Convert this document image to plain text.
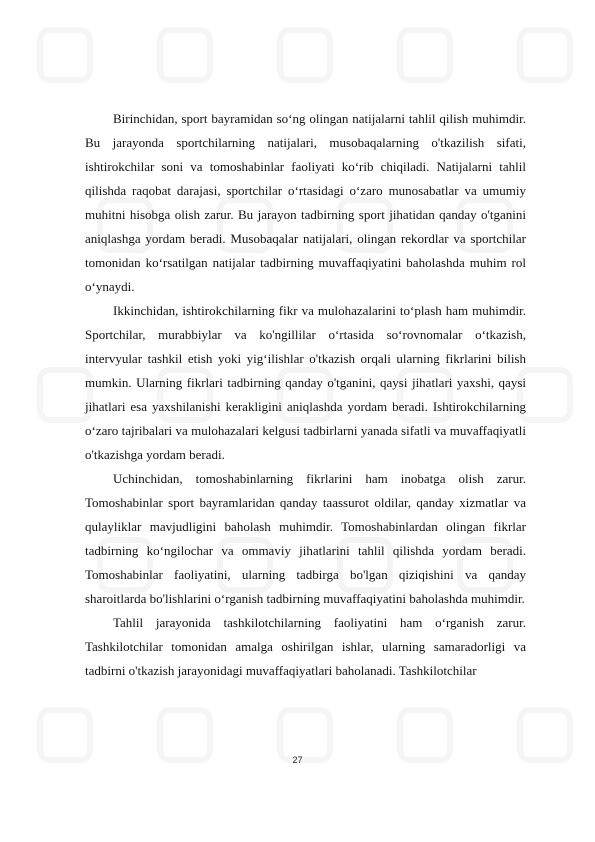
Birinchidan, sport bayramidan so‘ng olingan natijalarni tahlil qilish muhimdir. Bu jarayonda sportchilarning natijalari, musobaqalarning o'tkazilish sifati, ishtirokchilar soni va tomoshabinlar faoliyati ko‘rib chiqiladi. Natijalarni tahlil qilishda raqobat darajasi, sportchilar o‘rtasidagi o‘zaro munosabatlar va umumiy muhitni hisobga olish zarur. Bu jarayon tadbirning sport jihatidan qanday o'tganini aniqlashga yordam beradi. Musobaqalar natijalari, olingan rekordlar va sportchilar tomonidan ko‘rsatilgan natijalar tadbirning muvaffaqiyatini baholashda muhim rol o‘ynaydi.

Ikkinchidan, ishtirokchilarning fikr va mulohazalarini to‘plash ham muhimdir. Sportchilar, murabbiylar va ko'ngillilar o‘rtasida so‘rovnomalar o‘tkazish, intervyular tashkil etish yoki yig‘ilishlar o'tkazish orqali ularning fikrlarini bilish mumkin. Ularning fikrlari tadbirning qanday o'tganini, qaysi jihatlari yaxshi, qaysi jihatlari esa yaxshilanishi kerakligini aniqlashda yordam beradi. Ishtirokchilarning o‘zaro tajribalari va mulohazalari kelgusi tadbirlarni yanada sifatli va muvaffaqiyatli o'tkazishga yordam beradi.

Uchinchidan, tomoshabinlarning fikrlarini ham inobatga olish zarur. Tomoshabinlar sport bayramlaridan qanday taassurot oldilar, qanday xizmatlar va qulayliklar mavjudligini baholash muhimdir. Tomoshabinlardan olingan fikrlar tadbirning ko‘ngilochar va ommaviy jihatlarini tahlil qilishda yordam beradi. Tomoshabinlar faoliyatini, ularning tadbirga bo'lgan qiziqishini va qanday sharoitlarda bo'lishlarini o‘rganish tadbirning muvaffaqiyatini baholashda muhimdir.

Tahlil jarayonida tashkilotchilarning faoliyatini ham o‘rganish zarur. Tashkilotchilar tomonidan amalga oshirilgan ishlar, ularning samaradorligi va tadbirni o'tkazish jarayonidagi muvaffaqiyatlari baholanadi. Tashkilotchilar

27
